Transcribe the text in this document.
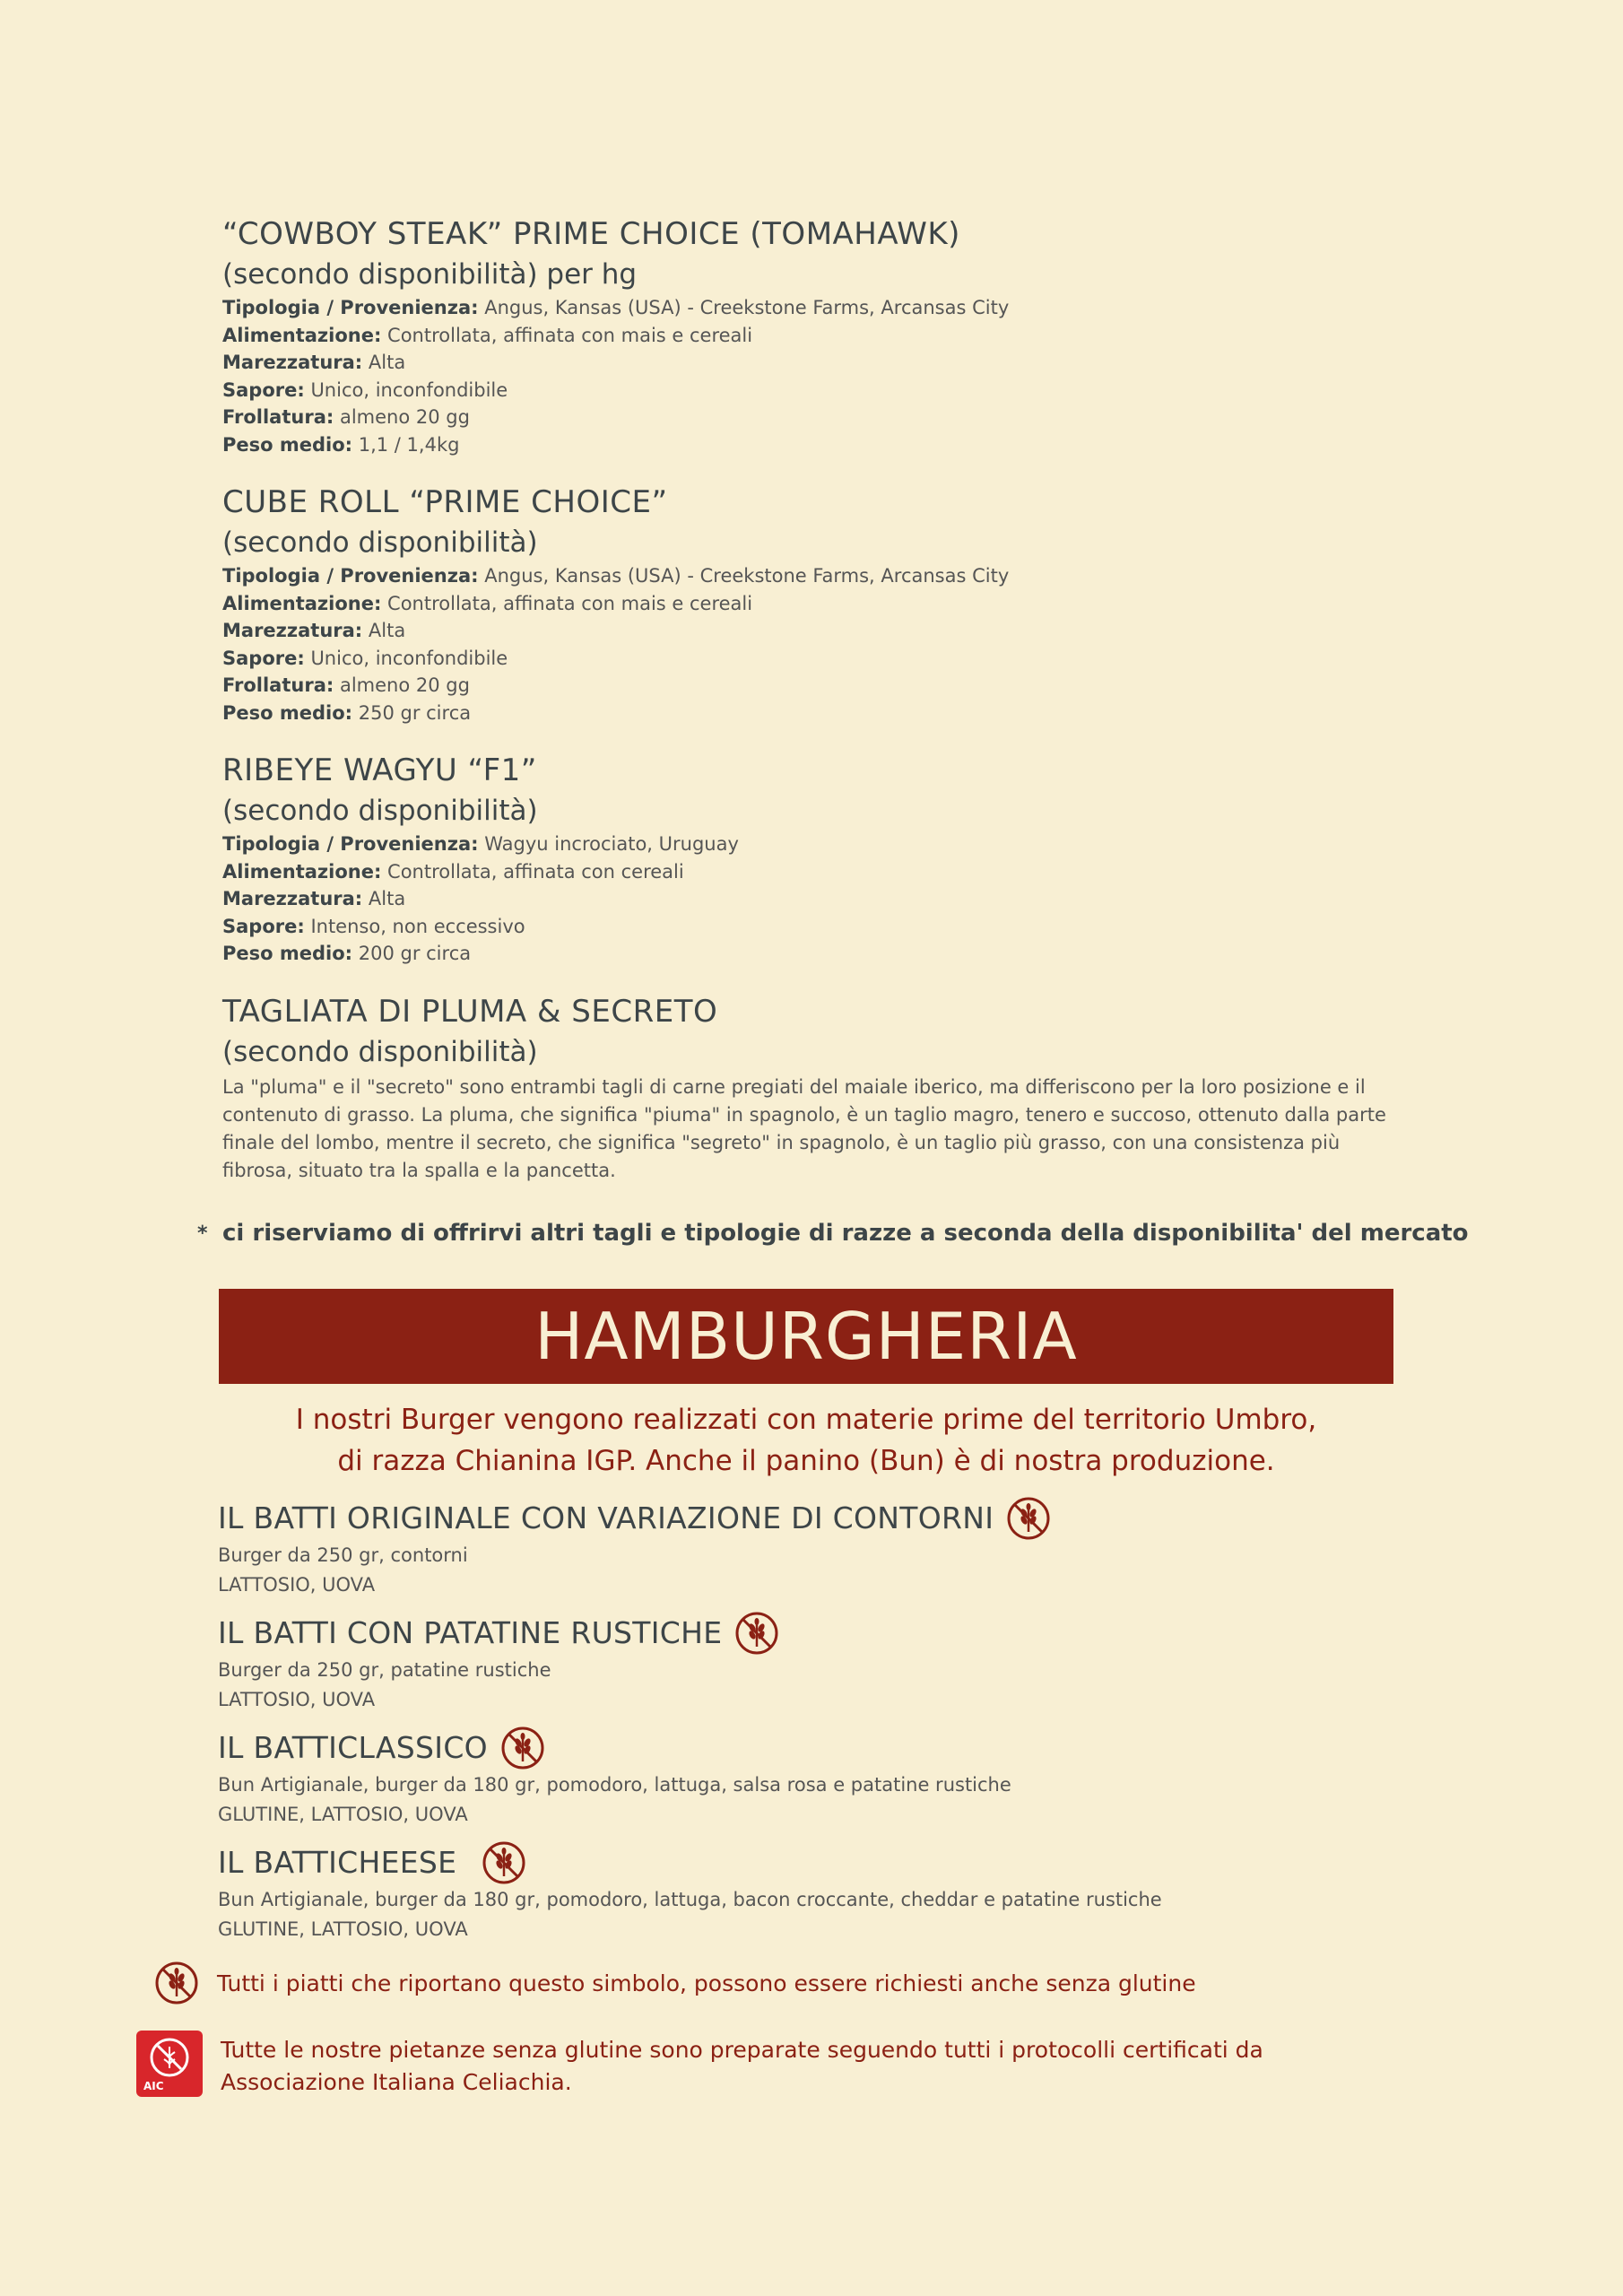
“COWBOY STEAK” PRIME CHOICE (TOMAHAWK)
(secondo disponibilità) per hg
Tipologia / Provenienza: Angus, Kansas (USA) - Creekstone Farms, Arcansas City
Alimentazione: Controllata, affinata con mais e cereali
Marezzatura: Alta
Sapore: Unico, inconfondibile
Frollatura: almeno 20 gg
Peso medio: 1,1 / 1,4kg
CUBE ROLL “PRIME CHOICE”
(secondo disponibilità)
Tipologia / Provenienza: Angus, Kansas (USA) - Creekstone Farms, Arcansas City
Alimentazione: Controllata, affinata con mais e cereali
Marezzatura: Alta
Sapore: Unico, inconfondibile
Frollatura: almeno 20 gg
Peso medio: 250 gr circa
RIBEYE WAGYU “F1”
(secondo disponibilità)
Tipologia / Provenienza: Wagyu incrociato, Uruguay
Alimentazione: Controllata, affinata con cereali
Marezzatura: Alta
Sapore: Intenso, non eccessivo
Peso medio: 200 gr circa
TAGLIATA DI PLUMA & SECRETO
(secondo disponibilità)
La "pluma" e il "secreto" sono entrambi tagli di carne pregiati del maiale iberico, ma differiscono per la loro posizione e il contenuto di grasso. La pluma, che significa "piuma" in spagnolo, è un taglio magro, tenero e succoso, ottenuto dalla parte finale del lombo, mentre il secreto, che significa "segreto" in spagnolo, è un taglio più grasso, con una consistenza più fibrosa, situato tra la spalla e la pancetta.
* ci riserviamo di offrirvi altri tagli e tipologie di razze a seconda della disponibilita' del mercato
HAMBURGHERIA
I nostri Burger vengono realizzati con materie prime del territorio Umbro,
di razza Chianina IGP. Anche il panino (Bun) è di nostra produzione.
IL BATTI ORIGINALE CON VARIAZIONE DI CONTORNI
Burger da 250 gr, contorni
LATTOSIO, UOVA
IL BATTI CON PATATINE RUSTICHE
Burger da 250 gr, patatine rustiche
LATTOSIO, UOVA
IL BATTICLASSICO
Bun Artigianale, burger da 180 gr, pomodoro, lattuga, salsa rosa e patatine rustiche
GLUTINE, LATTOSIO, UOVA
IL BATTICHEESE
Bun Artigianale, burger da 180 gr, pomodoro, lattuga, bacon croccante, cheddar e patatine rustiche
GLUTINE, LATTOSIO, UOVA
Tutti i piatti che riportano questo simbolo, possono essere richiesti anche senza glutine
AIC
Tutte le nostre pietanze senza glutine sono preparate seguendo tutti i protocolli certificati da
Associazione Italiana Celiachia.
